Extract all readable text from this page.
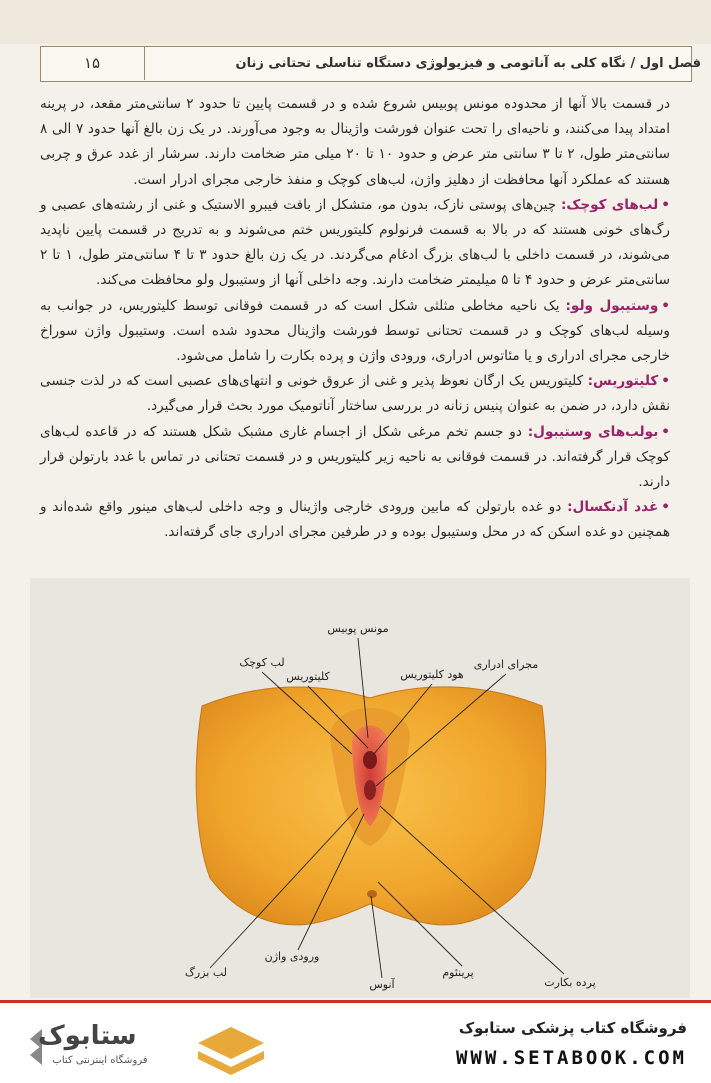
۱۵	فصل اول / نگاه کلی به آناتومی و فیزیولوژی دستگاه تناسلی تحتانی زنان

در قسمت بالا آنها از محدوده مونس پوبیس شروع شده و در قسمت پایین تا حدود ۲ سانتی‌متر مقعد، در پرینه امتداد پیدا می‌کنند، و ناحیه‌ای را تحت عنوان فورشت واژینال به وجود می‌آورند. در یک زن بالغ آنها حدود ۷ الی ۸ سانتی‌متر طول، ۲ تا ۳ سانتی متر عرض و حدود ۱۰ تا ۲۰ میلی متر ضخامت دارند. سرشار از غدد عرق و چربی هستند که عملکرد آنها محافظت از دهلیز واژن، لب‌های کوچک و منفذ خارجی مجرای ادرار است.

•لب‌های کوچک: چین‌های پوستی نازک، بدون مو، متشکل از بافت فیبرو الاستیک و غنی از رشته‌های عصبی و رگ‌های خونی هستند که در بالا به قسمت فرنولوم کلیتوریس ختم می‌شوند و به تدریج در قسمت پایین ناپدید می‌شوند، در قسمت داخلی با لب‌های بزرگ ادغام می‌گردند. در یک زن بالغ حدود ۳ تا ۴ سانتی‌متر طول، ۱ تا ۲ سانتی‌متر عرض و حدود ۴ تا ۵ میلیمتر ضخامت دارند. وجه داخلی آنها از وستیبول ولو محافظت می‌کند.

•وستیبول ولو: یک ناحیه مخاطی مثلثی شکل است که در قسمت فوقانی توسط کلیتوریس، در جوانب به وسیله لب‌های کوچک و در قسمت تحتانی توسط فورشت واژینال محدود شده است. وستیبول واژن سوراخ خارجی مجرای ادراری و یا مئاتوس ادراری، ورودی واژن و پرده بکارت را شامل می‌شود.

•کلیتوریس: کلیتوریس یک ارگان نعوظ پذیر و غنی از عروق خونی و انتهای‌های عصبی است که در لذت جنسی نقش دارد، در ضمن به عنوان پنیس زنانه در بررسی ساختار آناتومیک مورد بحث قرار می‌گیرد.

•بولب‌های وستیبول: دو جسم تخم مرغی شکل از اجسام غاری مشبک شکل هستند که در قاعده لب‌های کوچک قرار گرفته‌اند. در قسمت فوقانی به ناحیه زیر کلیتوریس و در قسمت تحتانی در تماس با غدد بارتولن قرار دارند.

•غدد آدنکسال: دو غده بارتولن که مابین ورودی خارجی واژینال و وجه داخلی لب‌های مینور واقع شده‌اند و همچنین دو غده اسکن که در محل وستیبول بوده و در طرفین مجرای ادراری جای گرفته‌اند.

مونس پوبیس
لب کوچک
کلیتوریس	هود کلیتوریس
مجرای ادراری
لب بزرگ
ورودی واژن
آنوس
پرینئوم
پرده بکارت
ستابوک
فروشگاه اینترنتی کتاب
فروشگاه کتاب پزشکی ستابوک
WWW.SETABOOK.COM
